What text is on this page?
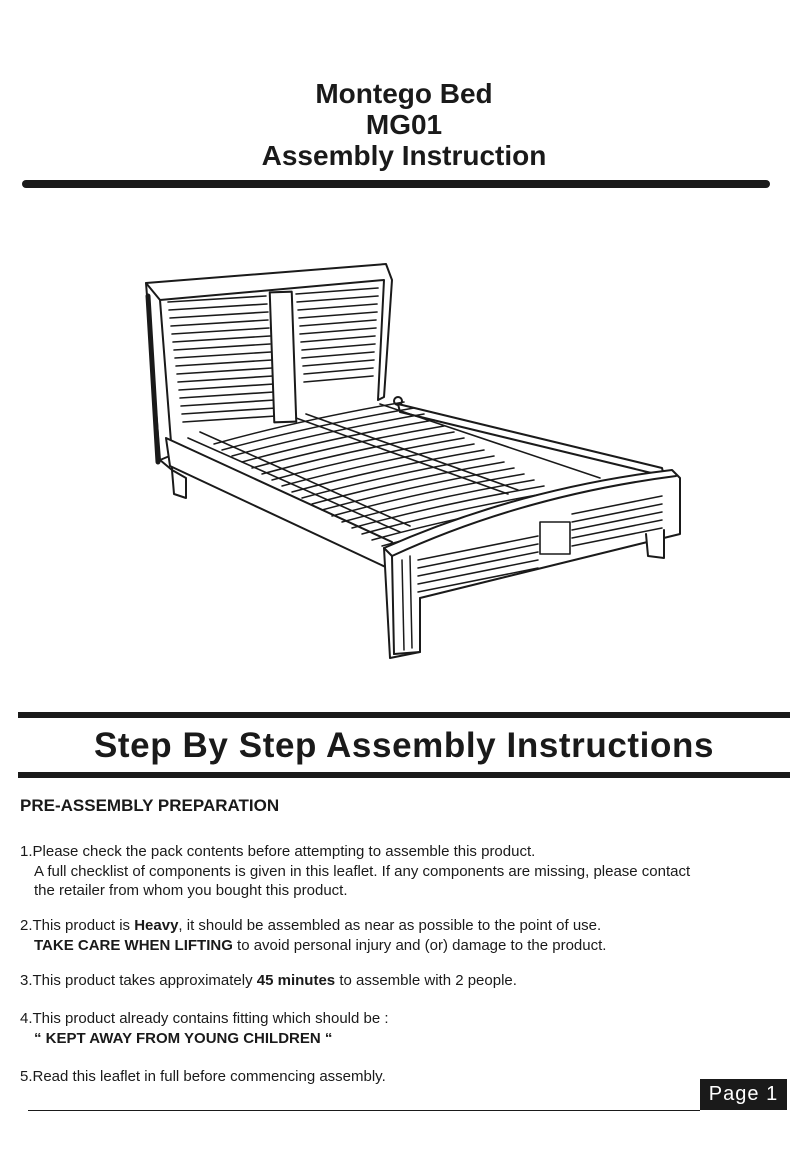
Montego Bed
MG01
Assembly Instruction
Step By Step Assembly Instructions
PRE-ASSEMBLY PREPARATION
1.Please check the pack contents before attempting to assemble this product.
A full checklist of components is given in this leaflet. If any components are missing, please contact
the retailer from whom you bought this product.
2.This product is Heavy, it should be assembled as near as possible to the point of use.
TAKE CARE WHEN LIFTING to avoid personal injury and (or) damage to the product.
3.This product takes approximately 45 minutes to assemble with 2 people.
4.This product already contains fitting which should be :
“ KEPT AWAY FROM YOUNG CHILDREN “
5.Read this leaflet in full before commencing assembly.
Page 1
